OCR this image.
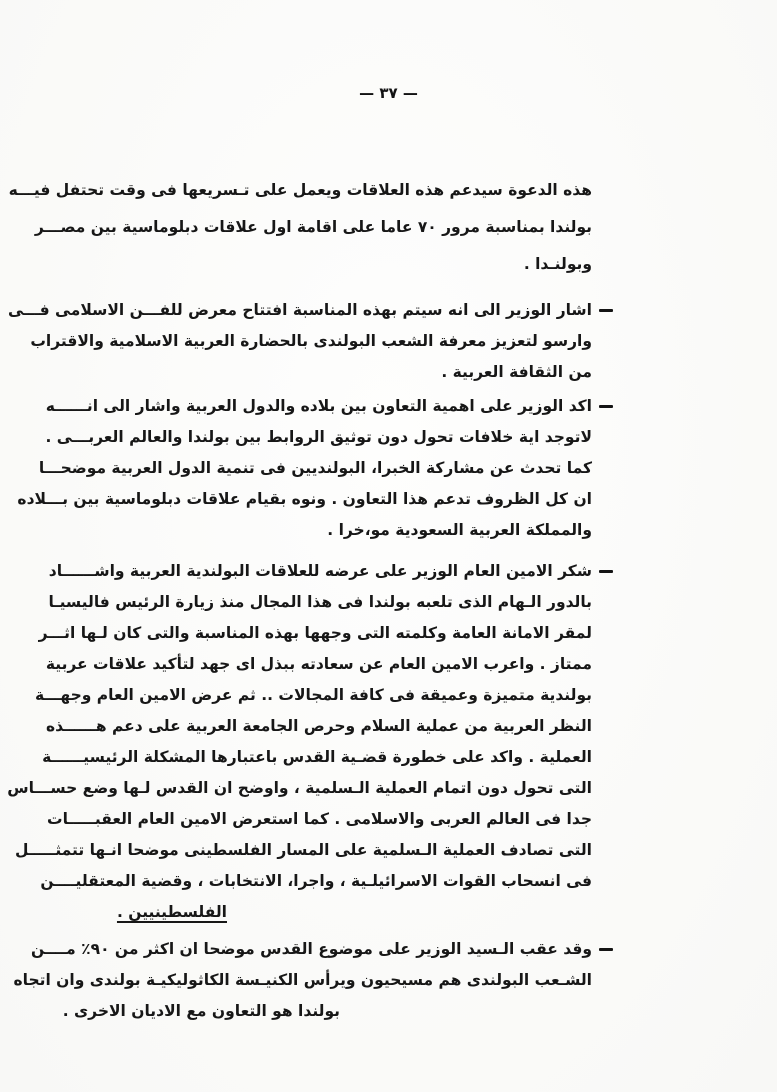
— ٣٧ —
هذه الدعوة سيدعم هذه العلاقات ويعمل على تـسريعها فى وقت تحتفل فيـــه
بولندا بمناسبة مرور ٧٠ عاما على اقامة اول علاقات دبلوماسية بين مصـــر
وبولنـدا .
اشار الوزير الى انه سيتم بهذه المناسبة افتتاح معرض للفـــن الاسلامى فـــى
وارسو لتعزيز معرفة الشعب البولندى بالحضارة العربية الاسلامية والاقتراب
من الثقافة العربية .
اكد الوزير على اهمية التعاون بين بلاده والدول العربية واشار الى انــــــه
لاتوجد اية خلافات تحول دون توثيق الروابط بين بولندا والعالم العربـــى .
كما تحدث عن مشاركة الخبرا، البولنديين فى تنمية الدول العربية موضحـــا
ان كل الظروف تدعم هذا التعاون . ونوه بقيام علاقات دبلوماسية بين بـــلاده
والمملكة العربية السعودية مو،خرا .
شكر الامين العام الوزير على عرضه للعلاقات البولندية العربية واشــــــاد
بالدور الـهام الذى تلعبه بولندا فى هذا المجال منذ زيارة الرئيس فاليسيـا
لمقر الامانة العامة وكلمته التى وجهها بهذه المناسبة والتى كان لـها اثـــر
ممتاز . واعرب الامين العام عن سعادته ببذل اى جهد لتأكيد علاقات عربية
بولندية متميزة وعميقة فى كافة المجالات .. ثم عرض الامين العام وجهـــة
النظر العربية من عملية السلام وحرص الجامعة العربية على دعم هــــــذه
العملية . واكد على خطورة قضـية القدس باعتبارها المشكلة الرئيسيــــــة
التى تحول دون اتمام العملية الـسلمية ، واوضح ان القدس لـها وضع حســـاس
جدا فى العالم العربى والاسلامى . كما استعرض الامين العام العقبـــــات
التى تصادف العملية الـسلمية على المسار الفلسطينى موضحا انـها تتمثـــــل
فى انسحاب القوات الاسرائيلـية ، واجرا، الانتخابات ، وقضية المعتقليــــن
الفلسطينيين .
وقد عقب الـسيد الوزير على موضوع القدس موضحا ان اكثر من ٩٠٪ مــــن
الشـعب البولندى هم مسيحيون ويرأس الكنيـسة الكاثوليكيـة بولندى وان اتجاه
بولندا هو التعاون مع الاديان الاخرى .
